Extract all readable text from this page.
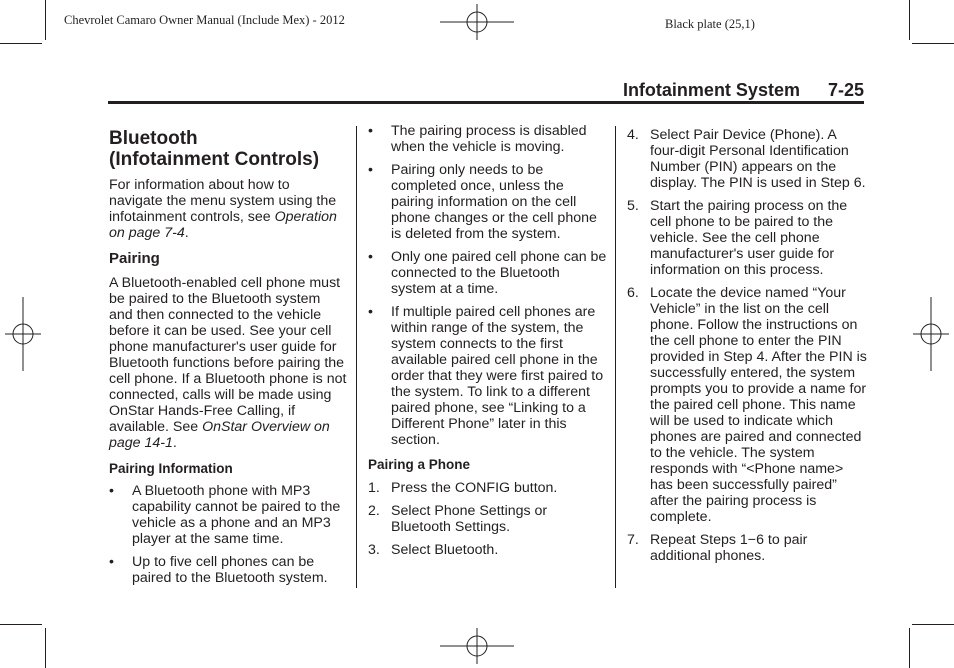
Chevrolet Camaro Owner Manual (Include Mex) - 2012	Black plate (25,1)
Infotainment System 7-25
Bluetooth
(Infotainment Controls)

For information about how to navigate the menu system using the infotainment controls, see Operation on page 7-4.

Pairing

A Bluetooth-enabled cell phone must be paired to the Bluetooth system and then connected to the vehicle before it can be used. See your cell phone manufacturer's user guide for Bluetooth functions before pairing the cell phone. If a Bluetooth phone is not connected, calls will be made using OnStar Hands-Free Calling, if available. See OnStar Overview on page 14-1.

Pairing Information
• A Bluetooth phone with MP3 capability cannot be paired to the vehicle as a phone and an MP3 player at the same time.
• Up to five cell phones can be paired to the Bluetooth system.
• The pairing process is disabled when the vehicle is moving.
• Pairing only needs to be completed once, unless the pairing information on the cell phone changes or the cell phone is deleted from the system.
• Only one paired cell phone can be connected to the Bluetooth system at a time.
• If multiple paired cell phones are within range of the system, the system connects to the first available paired cell phone in the order that they were first paired to the system. To link to a different paired phone, see “Linking to a Different Phone” later in this section.
Pairing a Phone
1. Press the CONFIG button.
2. Select Phone Settings or Bluetooth Settings.
3. Select Bluetooth.
4. Select Pair Device (Phone). A four-digit Personal Identification Number (PIN) appears on the display. The PIN is used in Step 6.
5. Start the pairing process on the cell phone to be paired to the vehicle. See the cell phone manufacturer's user guide for information on this process.
6. Locate the device named “Your Vehicle” in the list on the cell phone. Follow the instructions on the cell phone to enter the PIN provided in Step 4. After the PIN is successfully entered, the system prompts you to provide a name for the paired cell phone. This name will be used to indicate which phones are paired and connected to the vehicle. The system responds with “<Phone name> has been successfully paired” after the pairing process is complete.
7. Repeat Steps 1−6 to pair additional phones.
